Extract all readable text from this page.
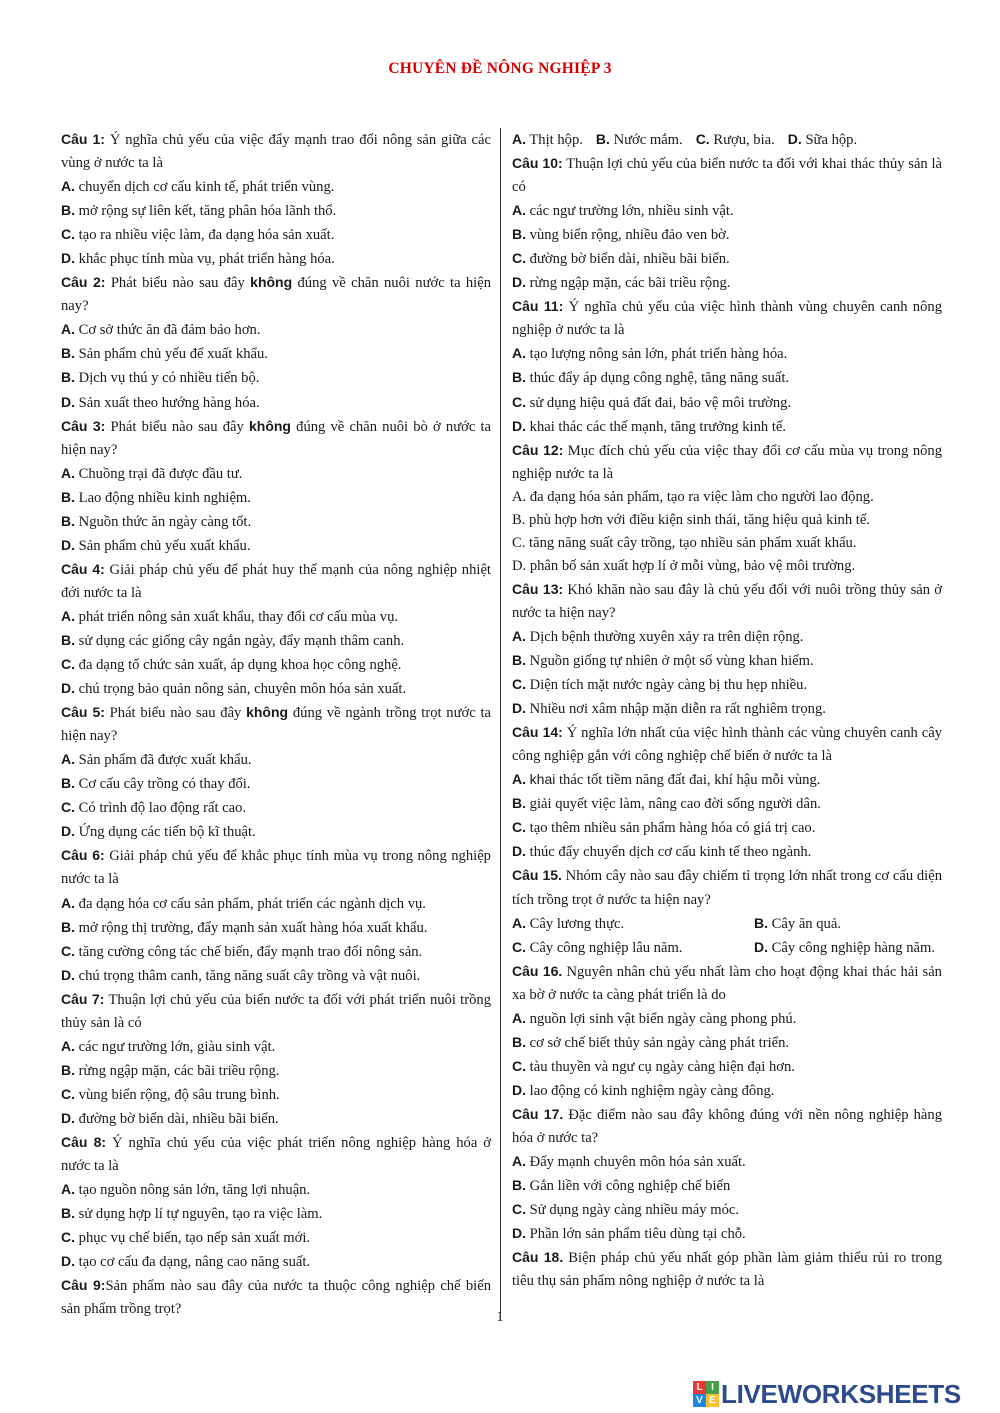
CHUYÊN ĐỀ NÔNG NGHIỆP 3
Câu 1: Ý nghĩa chủ yếu của việc đẩy mạnh trao đổi nông sản giữa các vùng ở nước ta là
A. chuyển dịch cơ cấu kinh tế, phát triển vùng.
B. mở rộng sự liên kết, tăng phân hóa lãnh thổ.
C. tạo ra nhiều việc làm, đa dạng hóa sản xuất.
D. khắc phục tính mùa vụ, phát triển hàng hóa.
Câu 2: Phát biểu nào sau đây không đúng về chăn nuôi nước ta hiện nay?
A. Cơ sở thức ăn đã đảm bảo hơn.
B. Sản phẩm chủ yếu để xuất khẩu.
B. Dịch vụ thú y có nhiều tiến bộ.
D. Sản xuất theo hướng hàng hóa.
Câu 3: Phát biểu nào sau đây không đúng về chăn nuôi bò ở nước ta hiện nay?
A. Chuồng trại đã được đầu tư.
B. Lao động nhiều kinh nghiệm.
B. Nguồn thức ăn ngày càng tốt.
D. Sản phẩm chủ yếu xuất khẩu.
Câu 4: Giải pháp chủ yếu để phát huy thế mạnh của nông nghiệp nhiệt đới nước ta là
A. phát triển nông sản xuất khẩu, thay đổi cơ cấu mùa vụ.
B. sử dụng các giống cây ngắn ngày, đẩy mạnh thâm canh.
C. đa dạng tổ chức sản xuất, áp dụng khoa học công nghệ.
D. chú trọng bảo quản nông sản, chuyên môn hóa sản xuất.
Câu 5: Phát biểu nào sau đây không đúng về ngành trồng trọt nước ta hiện nay?
A. Sản phẩm đã được xuất khẩu.
B. Cơ cấu cây trồng có thay đổi.
C. Có trình độ lao động rất cao.
D. Ứng dụng các tiến bộ kĩ thuật.
Câu 6: Giải pháp chủ yếu để khắc phục tính mùa vụ trong nông nghiệp nước ta là
A. đa dạng hóa cơ cấu sản phẩm, phát triển các ngành dịch vụ.
B. mở rộng thị trường, đẩy mạnh sản xuất hàng hóa xuất khẩu.
C. tăng cường công tác chế biến, đẩy mạnh trao đổi nông sản.
D. chú trọng thâm canh, tăng năng suất cây trồng và vật nuôi.
Câu 7: Thuận lợi chủ yếu của biển nước ta đối với phát triển nuôi trồng thủy sản là có
A. các ngư trường lớn, giàu sinh vật.
B. rừng ngập mặn, các bãi triều rộng.
C. vùng biển rộng, độ sâu trung bình.
D. đường bờ biển dài, nhiều bãi biển.
Câu 8: Ý nghĩa chủ yếu của việc phát triển nông nghiệp hàng hóa ở nước ta là
A. tạo nguồn nông sản lớn, tăng lợi nhuận.
B. sử dụng hợp lí tự nguyên, tạo ra việc làm.
C. phục vụ chế biến, tạo nếp sản xuất mới.
D. tạo cơ cấu đa dạng, nâng cao năng suất.
Câu 9:Sản phẩm nào sau đây của nước ta thuộc công nghiệp chế biến sản phẩm trồng trọt?
A. Thịt hộp. B. Nước mắm. C. Rượu, bia. D. Sữa hộp.
Câu 10: Thuận lợi chủ yếu của biển nước ta đối với khai thác thủy sản là có
A. các ngư trường lớn, nhiều sinh vật.
B. vùng biển rộng, nhiều đảo ven bờ.
C. đường bờ biển dài, nhiều bãi biển.
D. rừng ngập mặn, các bãi triều rộng.
Câu 11: Ý nghĩa chủ yếu của việc hình thành vùng chuyên canh nông nghiệp ở nước ta là
A. tạo lượng nông sản lớn, phát triển hàng hóa.
B. thúc đẩy áp dụng công nghệ, tăng năng suất.
C. sử dụng hiệu quả đất đai, bảo vệ môi trường.
D. khai thác các thế mạnh, tăng trưởng kinh tế.
Câu 12: Mục đích chủ yếu của việc thay đổi cơ cấu mùa vụ trong nông nghiệp nước ta là
A. đa dạng hóa sản phẩm, tạo ra việc làm cho người lao động.
B. phù hợp hơn với điều kiện sinh thái, tăng hiệu quả kinh tế.
C. tăng năng suất cây trồng, tạo nhiều sản phẩm xuất khẩu.
D. phân bố sản xuất hợp lí ở mỗi vùng, bảo vệ môi trường.
Câu 13: Khó khăn nào sau đây là chủ yếu đối với nuôi trồng thủy sản ở nước ta hiện nay?
A. Dịch bệnh thường xuyên xảy ra trên diện rộng.
B. Nguồn giống tự nhiên ở một số vùng khan hiếm.
C. Diện tích mặt nước ngày càng bị thu hẹp nhiều.
D. Nhiều nơi xâm nhập mặn diễn ra rất nghiêm trọng.
Câu 14: Ý nghĩa lớn nhất của việc hình thành các vùng chuyên canh cây công nghiệp gắn với công nghiệp chế biến ở nước ta là
A. khai thác tốt tiềm năng đất đai, khí hậu mỗi vùng.
B. giải quyết việc làm, nâng cao đời sống người dân.
C. tạo thêm nhiều sản phẩm hàng hóa có giá trị cao.
D. thúc đẩy chuyển dịch cơ cấu kinh tế theo ngành.
Câu 15. Nhóm cây nào sau đây chiếm tỉ trọng lớn nhất trong cơ cấu diện tích trồng trọt ở nước ta hiện nay?
A. Cây lương thực.	B. Cây ăn quả.
C. Cây công nghiệp lâu năm.	D. Cây công nghiệp hàng năm.
Câu 16. Nguyên nhân chủ yếu nhất làm cho hoạt động khai thác hải sản xa bờ ở nước ta càng phát triển là do
A. nguồn lợi sinh vật biển ngày càng phong phú.
B. cơ sở chế biết thủy sản ngày càng phát triển.
C. tàu thuyền và ngư cụ ngày càng hiện đại hơn.
D. lao động có kinh nghiệm ngày càng đông.
Câu 17. Đặc điểm nào sau đây không đúng với nền nông nghiệp hàng hóa ở nước ta?
A. Đẩy mạnh chuyên môn hóa sản xuất.
B. Gắn liền với công nghiệp chế biến
C. Sử dụng ngày càng nhiều máy móc.
D. Phần lớn sản phẩm tiêu dùng tại chỗ.
Câu 18. Biện pháp chủ yếu nhất góp phần làm giảm thiểu rủi ro trong tiêu thụ sản phẩm nông nghiệp ở nước ta là
1
L I
V E LIVEWORKSHEETS
